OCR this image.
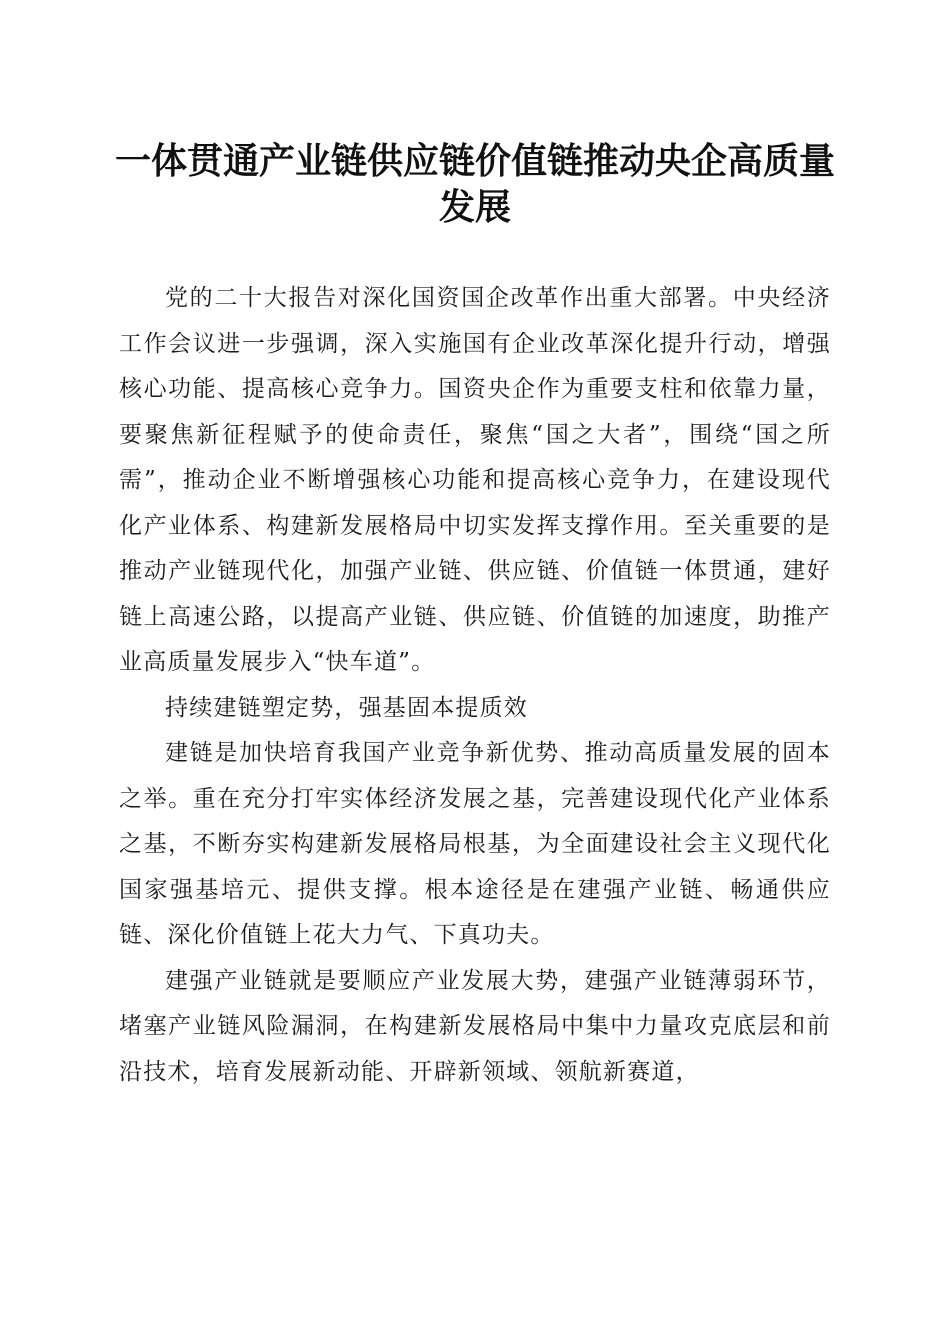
一体贯通产业链供应链价值链推动央企高质量
发展

党的二十大报告对深化国资国企改革作出重大部署。中央经济工作会议进一步强调，深入实施国有企业改革深化提升行动，增强核心功能、提高核心竞争力。国资央企作为重要支柱和依靠力量，要聚焦新征程赋予的使命责任，聚焦“国之大者”，围绕“国之所需”，推动企业不断增强核心功能和提高核心竞争力，在建设现代化产业体系、构建新发展格局中切实发挥支撑作用。至关重要的是推动产业链现代化，加强产业链、供应链、价值链一体贯通，建好链上高速公路，以提高产业链、供应链、价值链的加速度，助推产业高质量发展步入“快车道”。

持续建链塑定势，强基固本提质效

建链是加快培育我国产业竞争新优势、推动高质量发展的固本之举。重在充分打牢实体经济发展之基，完善建设现代化产业体系之基，不断夯实构建新发展格局根基，为全面建设社会主义现代化国家强基培元、提供支撑。根本途径是在建强产业链、畅通供应链、深化价值链上花大力气、下真功夫。

建强产业链就是要顺应产业发展大势，建强产业链薄弱环节，堵塞产业链风险漏洞，在构建新发展格局中集中力量攻克底层和前沿技术，培育发展新动能、开辟新领域、领航新赛道，
